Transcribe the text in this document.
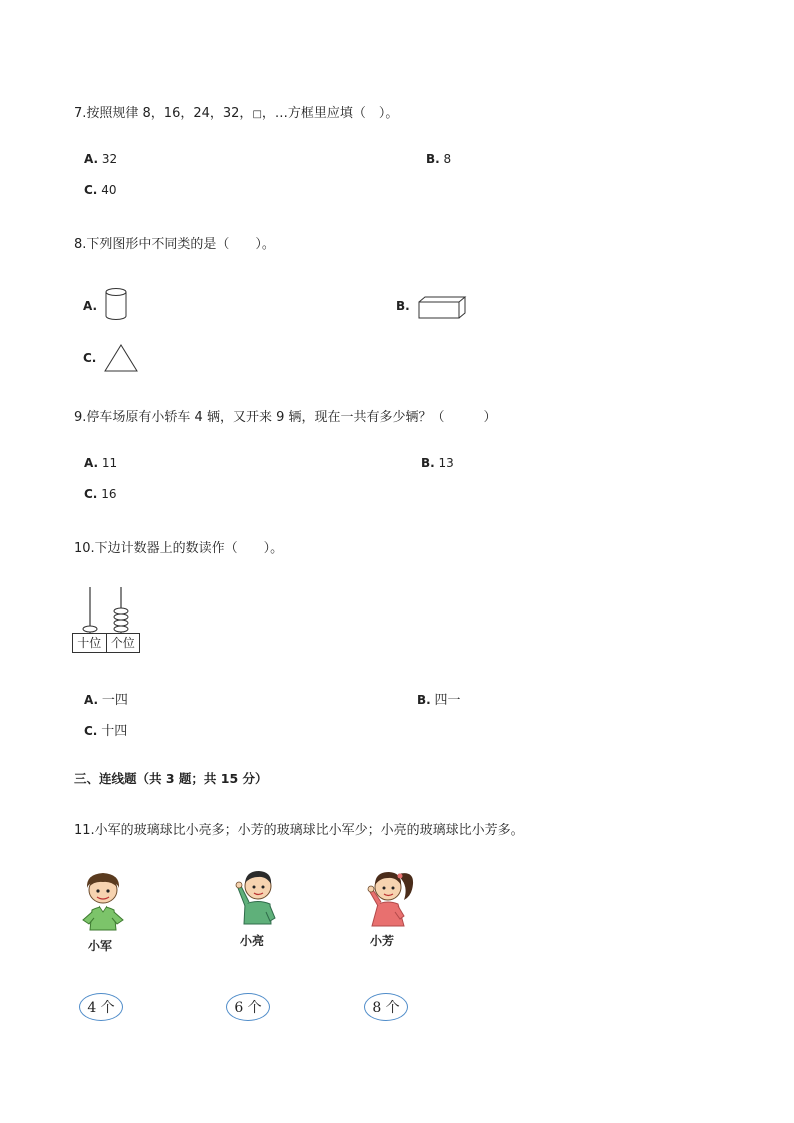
7.按照规律 8，16，24，32，□，…方框里应填（　）。
A. 32	B. 8
C. 40
8.下列图形中不同类的是（　　）。
A.	B.
C.
9.停车场原有小轿车 4 辆，又开来 9 辆，现在一共有多少辆？（　　　）
A. 11	B. 13
C. 16
10.下边计数器上的数读作（　　）。
十位 个位
A. 一四	B. 四一
C. 十四
三、连线题（共 3 题；共 15 分）
11.小军的玻璃球比小亮多；小芳的玻璃球比小军少；小亮的玻璃球比小芳多。
小军	小亮	小芳
4 个	6 个	8 个
